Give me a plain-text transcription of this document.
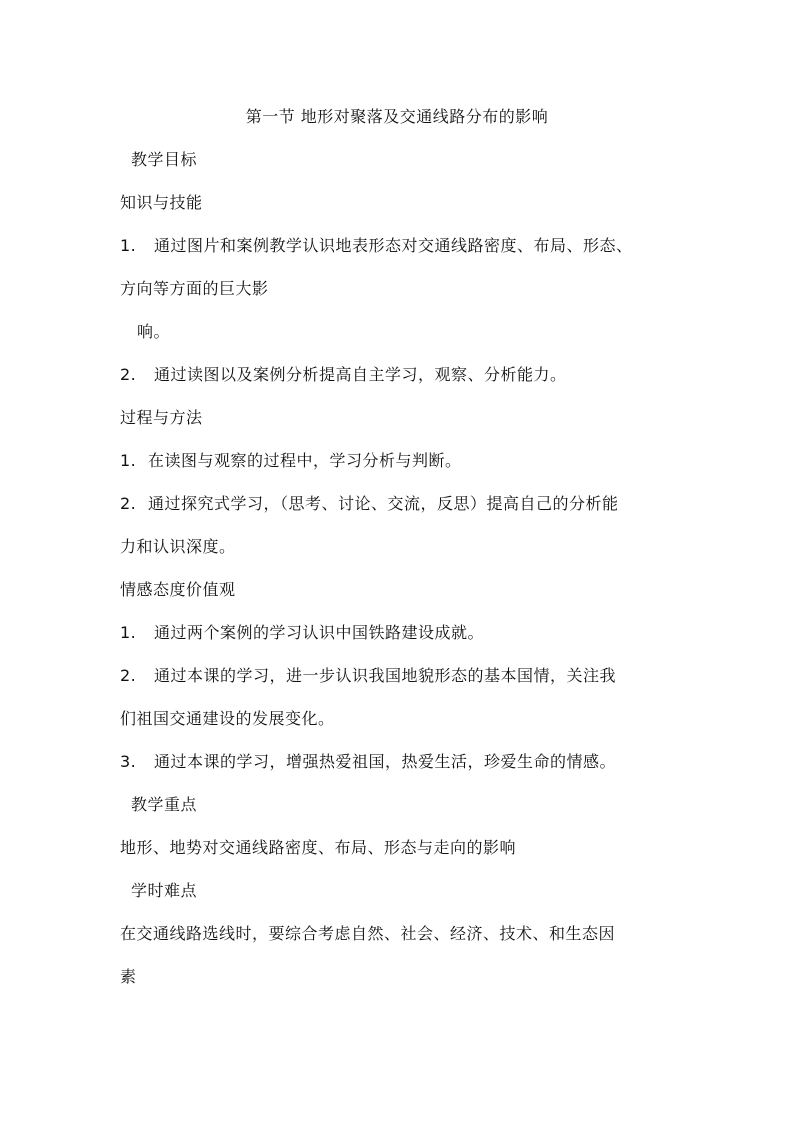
第一节 地形对聚落及交通线路分布的影响
教学目标
知识与技能
1. 通过图片和案例教学认识地表形态对交通线路密度、布局、形态、
方向等方面的巨大影
响。
2. 通过读图以及案例分析提高自主学习，观察、分析能力。
过程与方法
1. 在读图与观察的过程中，学习分析与判断。
2. 通过探究式学习，（思考、讨论、交流，反思）提高自己的分析能
力和认识深度。
情感态度价值观
1. 通过两个案例的学习认识中国铁路建设成就。
2. 通过本课的学习，进一步认识我国地貌形态的基本国情，关注我
们祖国交通建设的发展变化。
3. 通过本课的学习，增强热爱祖国，热爱生活，珍爱生命的情感。
教学重点
地形、地势对交通线路密度、布局、形态与走向的影响
学时难点
在交通线路选线时，要综合考虑自然、社会、经济、技术、和生态因
素
